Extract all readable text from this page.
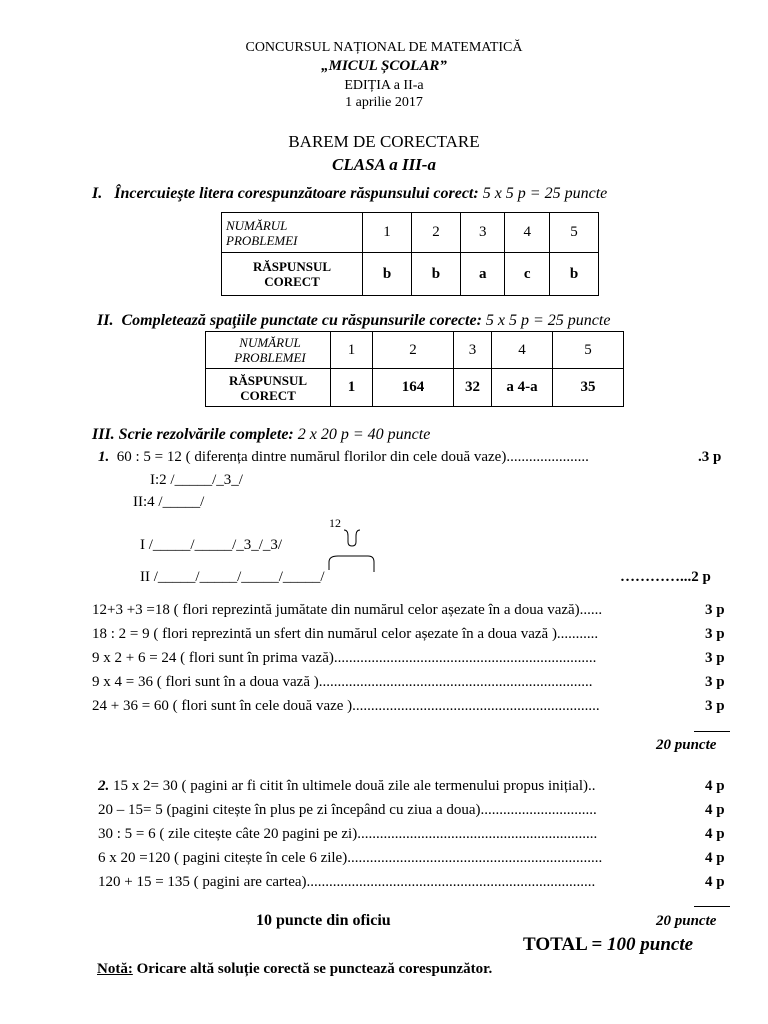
CONCURSUL NAȚIONAL DE MATEMATICĂ
„MICUL ȘCOLAR”
EDIȚIA a II-a
1 aprilie 2017
BAREM DE CORECTARE
CLASA a III-a
I. Încercuieşte litera corespunzătoare răspunsului corect: 5 x 5 p = 25 puncte
NUMĂRUL
PROBLEMEI	1	2	3	4	5
RĂSPUNSUL
CORECT	b	b	a	c	b
II. Completează spaţiile punctate cu răspunsurile corecte: 5 x 5 p = 25 puncte
NUMĂRUL
PROBLEMEI	1	2	3	4	5
RĂSPUNSUL
CORECT	1	164	32	a 4-a	35
III. Scrie rezolvările complete: 2 x 20 p = 40 puncte
1. 60 : 5 = 12 ( diferența dintre numărul florilor din cele două vaze)......................	.3 p
I:2 /_____/_3_/
II:4 /_____/
12
I /_____/_____/_3_/_3/
II /_____/_____/_____/_____/	…………...2 p
12+3 +3 =18 ( flori reprezintă jumătate din numărul celor așezate în a doua vază)......	3 p
18 : 2 = 9 ( flori reprezintă un sfert din numărul celor așezate în a doua vază )...........	3 p
9 x 2 + 6 = 24 ( flori sunt în prima vază)......................................................................	3 p
9 x 4 = 36 ( flori sunt în a doua vază ).........................................................................	3 p
24 + 36 = 60 ( flori sunt în cele două vaze )..................................................................	3 p
20 puncte
2. 15 x 2= 30 ( pagini ar fi citit în ultimele două zile ale termenului propus inițial)..	4 p
20 – 15= 5 (pagini citește în plus pe zi începând cu ziua a doua)...............................	4 p
30 : 5 = 6 ( zile citește câte 20 pagini pe zi)................................................................	4 p
6 x 20 =120 ( pagini citește în cele 6 zile)....................................................................	4 p
120 + 15 = 135 ( pagini are cartea).............................................................................	4 p
20 puncte
10 puncte din oficiu
TOTAL = 100 puncte
Notă: Oricare altă soluție corectă se punctează corespunzător.
